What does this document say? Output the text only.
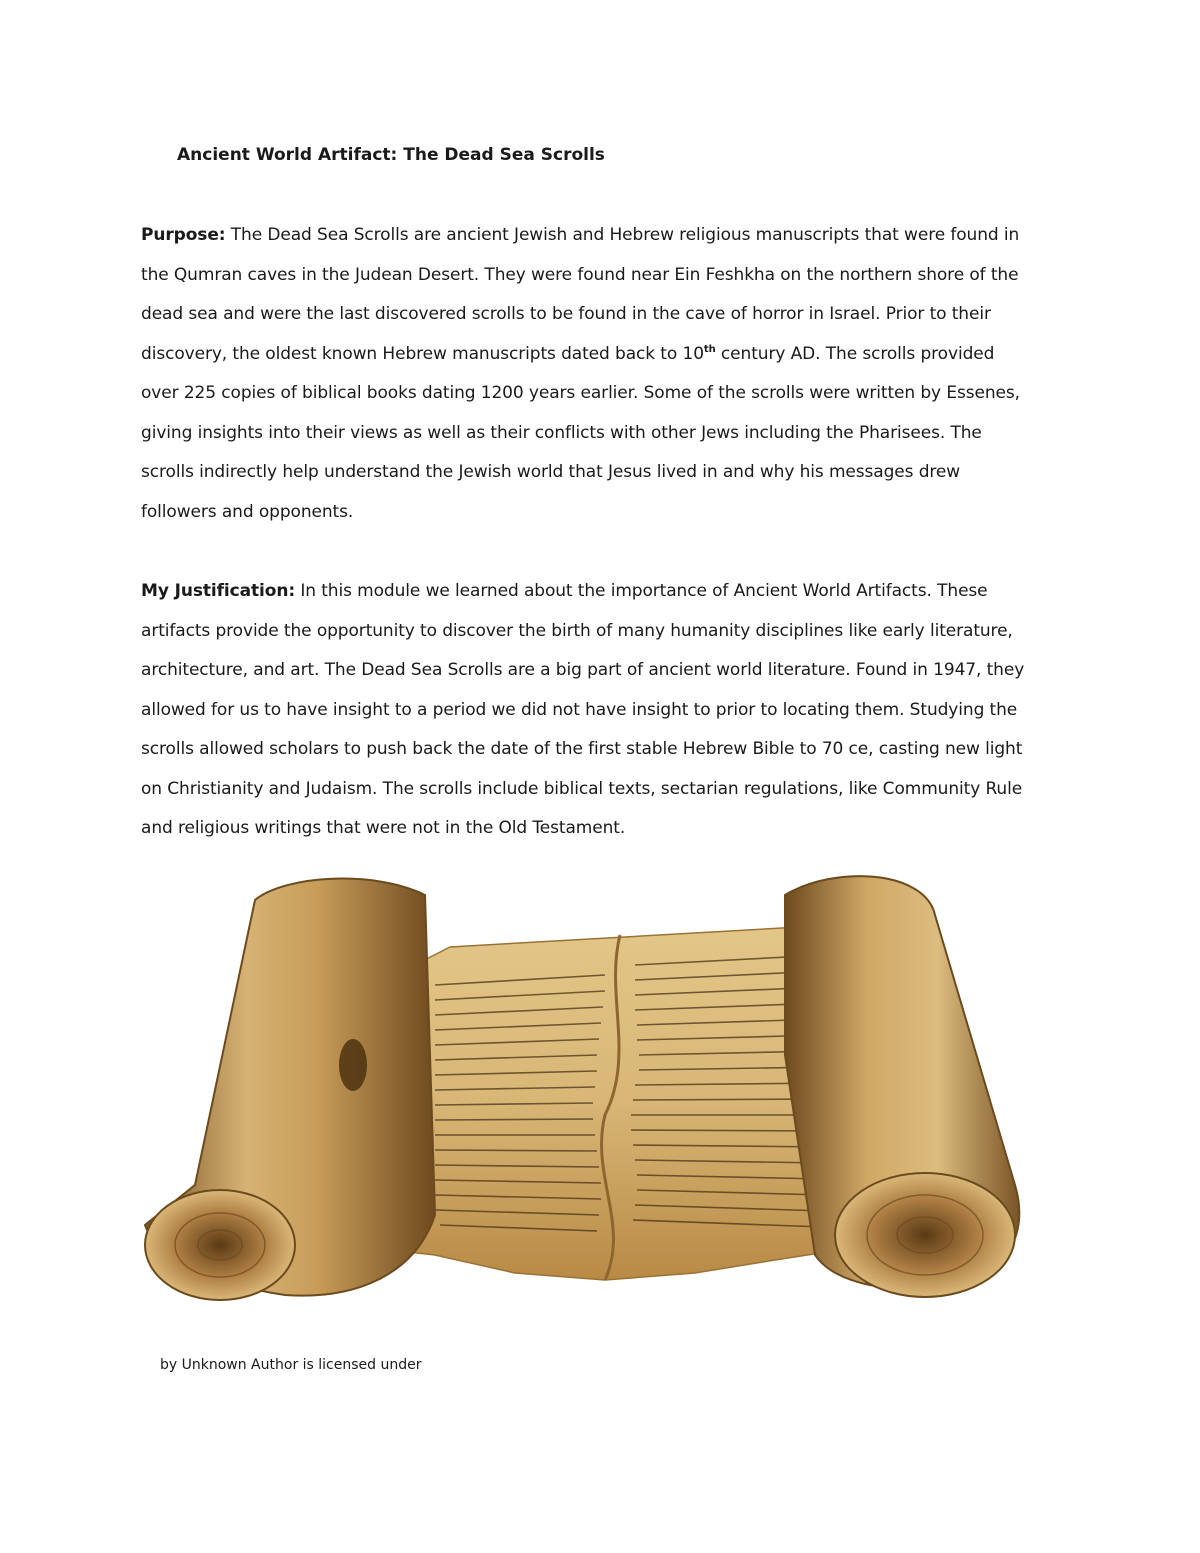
Ancient World Artifact: The Dead Sea Scrolls
Purpose: The Dead Sea Scrolls are ancient Jewish and Hebrew religious manuscripts that were found in
the Qumran caves in the Judean Desert. They were found near Ein Feshkha on the northern shore of the
dead sea and were the last discovered scrolls to be found in the cave of horror in Israel. Prior to their
discovery, the oldest known Hebrew manuscripts dated back to 10th century AD. The scrolls provided
over 225 copies of biblical books dating 1200 years earlier. Some of the scrolls were written by Essenes,
giving insights into their views as well as their conflicts with other Jews including the Pharisees. The
scrolls indirectly help understand the Jewish world that Jesus lived in and why his messages drew
followers and opponents.
My Justification: In this module we learned about the importance of Ancient World Artifacts. These
artifacts provide the opportunity to discover the birth of many humanity disciplines like early literature,
architecture, and art. The Dead Sea Scrolls are a big part of ancient world literature. Found in 1947, they
allowed for us to have insight to a period we did not have insight to prior to locating them. Studying the
scrolls allowed scholars to push back the date of the first stable Hebrew Bible to 70 ce, casting new light
on Christianity and Judaism. The scrolls include biblical texts, sectarian regulations, like Community Rule
and religious writings that were not in the Old Testament.
by Unknown Author is licensed under
